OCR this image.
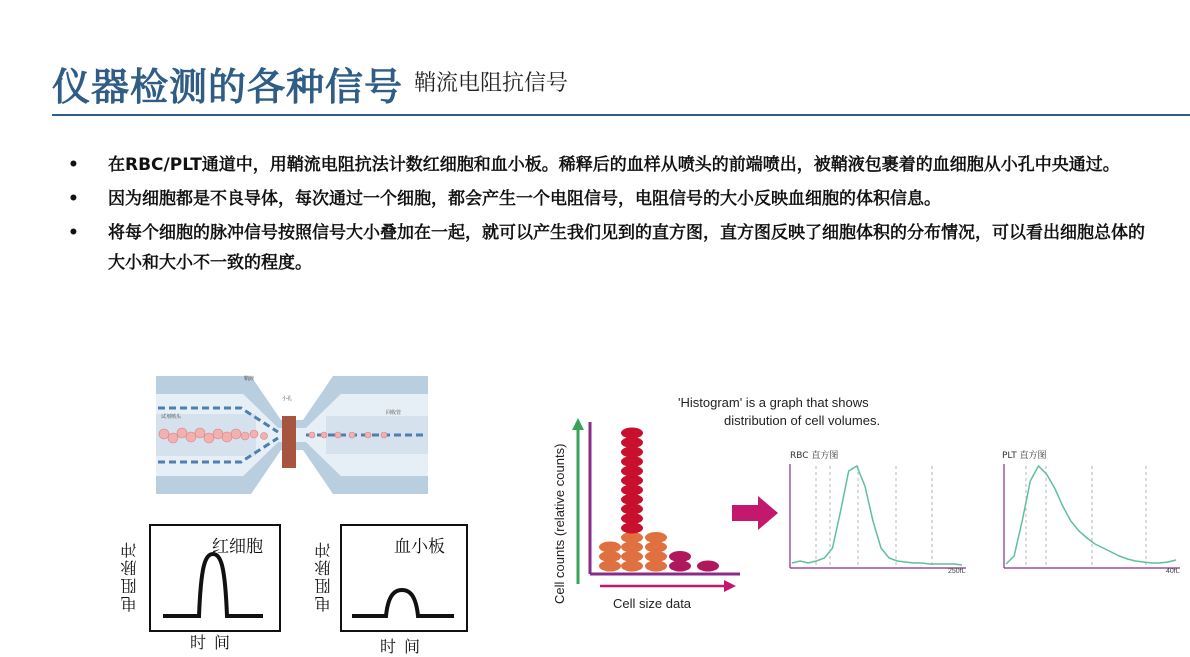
仪器检测的各种信号 鞘流电阻抗信号
• 在RBC/PLT通道中，用鞘流电阻抗法计数红细胞和血小板。稀释后的血样从喷头的前端喷出，被鞘液包裹着的血细胞从小孔中央通过。
• 因为细胞都是不良导体，每次通过一个细胞，都会产生一个电阻信号，电阻信号的大小反映血细胞的体积信息。
• 将每个细胞的脉冲信号按照信号大小叠加在一起，就可以产生我们见到的直方图，直方图反映了细胞体积的分布情况，可以看出细胞总体的大小和大小不一致的程度。
鞘液
试剂喷头
小孔
回收管
电阻脉冲	红细胞
时间
电阻脉冲	血小板
时间
'Histogram' is a graph that shows
distribution of cell volumes.
Cell counts (relative counts)	Cell size data
RBC 直方图
250fL
PLT 直方图
40fL
